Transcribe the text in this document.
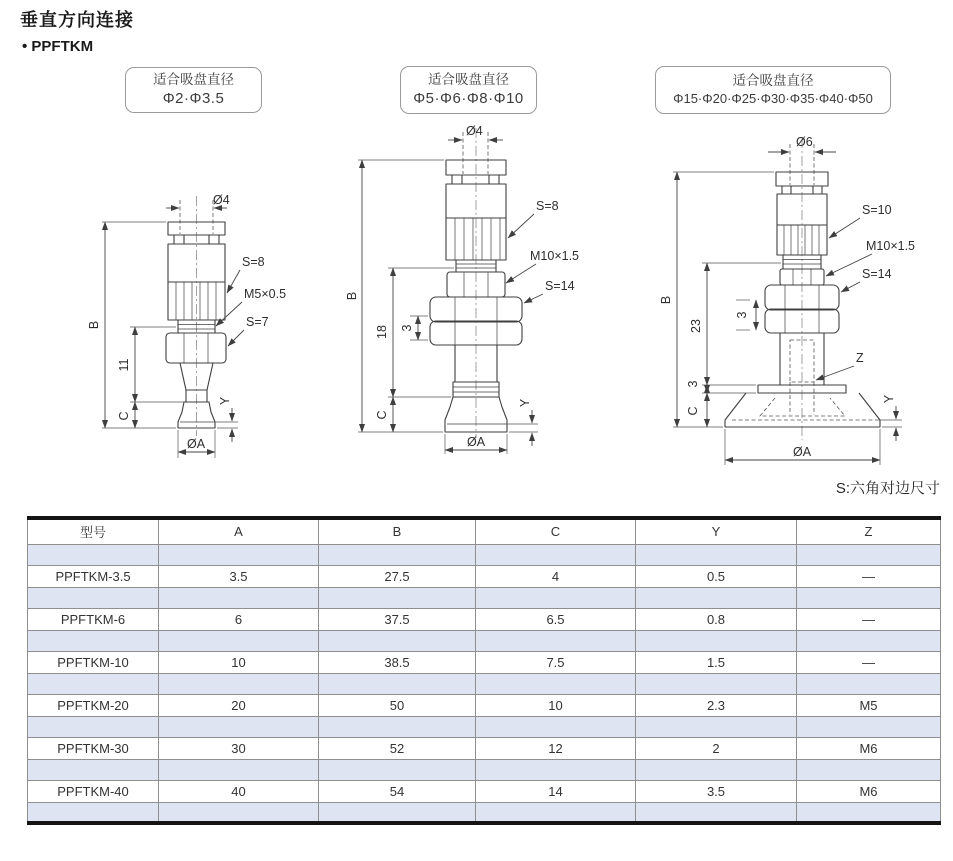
垂直方向连接
• PPFTKM
适合吸盘直径
Φ2·Φ3.5
适合吸盘直径
Φ5·Φ6·Φ8·Φ10
适合吸盘直径
Φ15·Φ20·Φ25·Φ30·Φ35·Φ40·Φ50
Ø4
S=8
M5×0.5
S=7
B
11
C
Y
ØA
Ø4
S=8
M10×1.5
S=14
B
18 3
C
Y
ØA
Ø6
S=10
M10×1.5
S=14
Z
B
23
3
3
C
Y
ØA
S:六角对边尺寸
型号	A	B	C	Y	Z

PPFTKM-3.5	3.5	27.5	4	0.5	—

PPFTKM-6	6	37.5	6.5	0.8	—

PPFTKM-10	10	38.5	7.5	1.5	—

PPFTKM-20	20	50	10	2.3	M5

PPFTKM-30	30	52	12	2	M6

PPFTKM-40	40	54	14	3.5	M6
